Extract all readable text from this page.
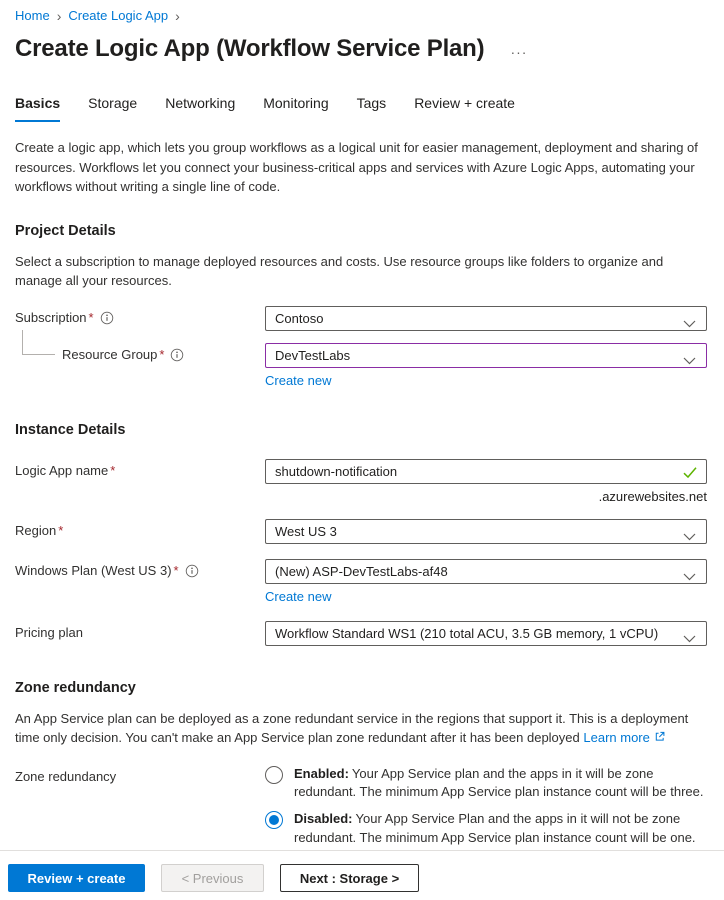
Home › Create Logic App ›
Create Logic App (Workflow Service Plan) ···
Basics Storage Networking Monitoring Tags Review + create

Create a logic app, which lets you group workflows as a logical unit for easier management, deployment and sharing of resources. Workflows let you connect your business-critical apps and services with Azure Logic Apps, automating your workflows without writing a single line of code.

Project Details

Select a subscription to manage deployed resources and costs. Use resource groups like folders to organize and manage all your resources.

Subscription *	Contoso
Resource Group *	DevTestLabs
Create new
Instance Details
Logic App name *	shutdown-notification
.azurewebsites.net
Region *	West US 3
Windows Plan (West US 3) *	(New) ASP-DevTestLabs-af48
Create new
Pricing plan	Workflow Standard WS1 (210 total ACU, 3.5 GB memory, 1 vCPU)
Zone redundancy

An App Service plan can be deployed as a zone redundant service in the regions that support it. This is a deployment time only decision. You can't make an App Service plan zone redundant after it has been deployed Learn more

Zone redundancy	Enabled: Your App Service plan and the apps in it will be zone redundant. The minimum App Service plan instance count will be three.
Disabled: Your App Service Plan and the apps in it will not be zone redundant. The minimum App Service plan instance count will be one.
Review + create	< Previous	Next : Storage >
